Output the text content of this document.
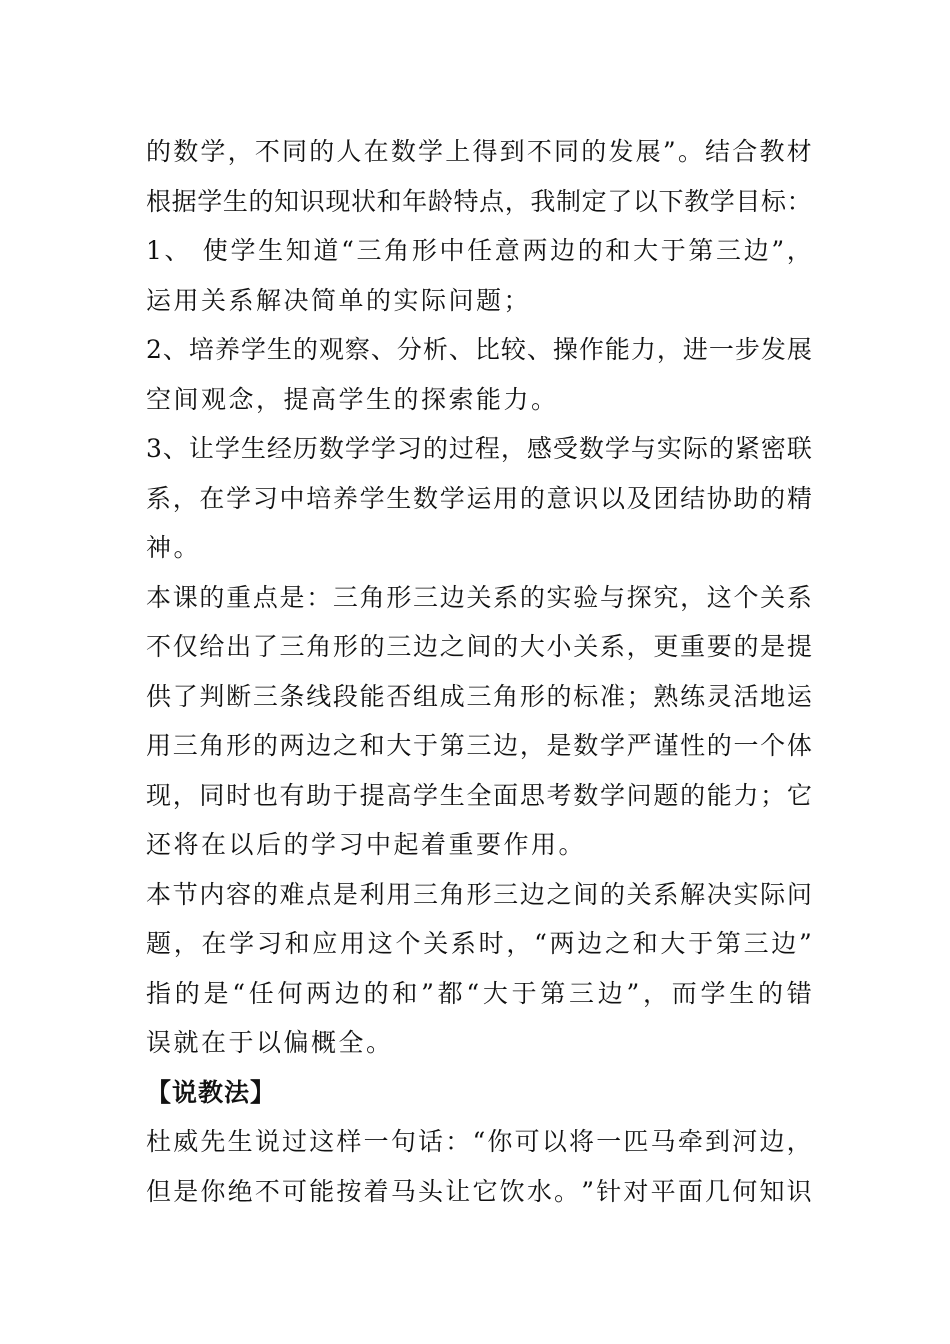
的 数 学 ， 不 同 的 人 在 数 学 上 得 到 不 同 的 发 展 ” 。 结 合 教 材
根 据 学 生 的 知 识 现 状 和 年 龄 特 点 ， 我 制 定 了 以 下 教 学 目 标 ：
1 、
使 学 生 知 道 “ 三 角 形 中 任 意 两 边 的 和 大 于 第 三 边 ” ，
运用关系解决简单的实际问题；
2 、 培 养 学 生 的 观 察 、 分 析 、 比 较 、 操 作 能 力 ， 进 一 步 发 展
空间观念，提高学生的探索能力。
3 、 让 学 生 经 历 数 学 学 习 的 过 程 ， 感 受 数 学 与 实 际 的 紧 密 联
系 ， 在 学 习 中 培 养 学 生 数 学 运 用 的 意 识 以 及 团 结 协 助 的 精
神。
本 课 的 重 点 是 ： 三 角 形 三 边 关 系 的 实 验 与 探 究 ， 这 个 关 系
不 仅 给 出 了 三 角 形 的 三 边 之 间 的 大 小 关 系 ， 更 重 要 的 是 提
供 了 判 断 三 条 线 段 能 否 组 成 三 角 形 的 标 准 ； 熟 练 灵 活 地 运
用 三 角 形 的 两 边 之 和 大 于 第 三 边 ， 是 数 学 严 谨 性 的 一 个 体
现 ， 同 时 也 有 助 于 提 高 学 生 全 面 思 考 数 学 问 题 的 能 力 ； 它
还将在以后的学习中起着重要作用。
本 节 内 容 的 难 点 是 利 用 三 角 形 三 边 之 间 的 关 系 解 决 实 际 问
题 ， 在 学 习 和 应 用 这 个 关 系 时 ， “ 两 边 之 和 大 于 第 三 边 ”
指 的 是 “ 任 何 两 边 的 和 ” 都 “ 大 于 第 三 边 ” ， 而 学 生 的 错
误就在于以偏概全。
【说教法】
杜 威 先 生 说 过 这 样 一 句 话 ： “ 你 可 以 将 一 匹 马 牵 到 河 边 ，
但 是 你 绝 不 可 能 按 着 马 头 让 它 饮 水 。 ” 针 对 平 面 几 何 知 识
